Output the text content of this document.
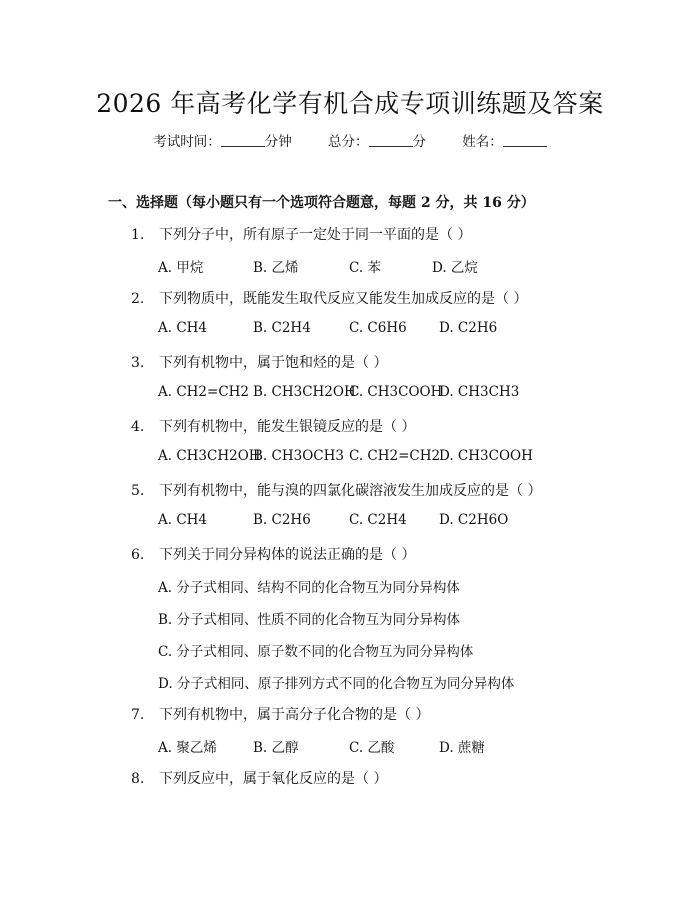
2026 年高考化学有机合成专项训练题及答案
考试时间：	分钟	总分：	分	姓名：
一、选择题（每小题只有一个选项符合题意，每题 2 分，共 16 分）
1. 下列分子中，所有原子一定处于同一平面的是（ ）
A. 甲烷	B. 乙烯	C. 苯	D. 乙烷
2. 下列物质中，既能发生取代反应又能发生加成反应的是（ ）
A. CH4	B. C2H4	C. C6H6 D. C2H6
3. 下列有机物中，属于饱和烃的是（ ）
A. CH2=CH2 B. CH3CH2OHC. CH3COOHD. CH3CH3
4. 下列有机物中，能发生银镜反应的是（ ）
A. CH3CH2OHB. CH3OCH3 C. CH2=CH2D. CH3COOH
5. 下列有机物中，能与溴的四氯化碳溶液发生加成反应的是（ ）
A. CH4	B. C2H6	C. C2H4 D. C2H6O
6. 下列关于同分异构体的说法正确的是（ ）
A. 分子式相同、结构不同的化合物互为同分异构体
B. 分子式相同、性质不同的化合物互为同分异构体
C. 分子式相同、原子数不同的化合物互为同分异构体
D. 分子式相同、原子排列方式不同的化合物互为同分异构体
7. 下列有机物中，属于高分子化合物的是（ ）
A. 聚乙烯	B. 乙醇	C. 乙酸	D. 蔗糖
8. 下列反应中，属于氧化反应的是（ ）
